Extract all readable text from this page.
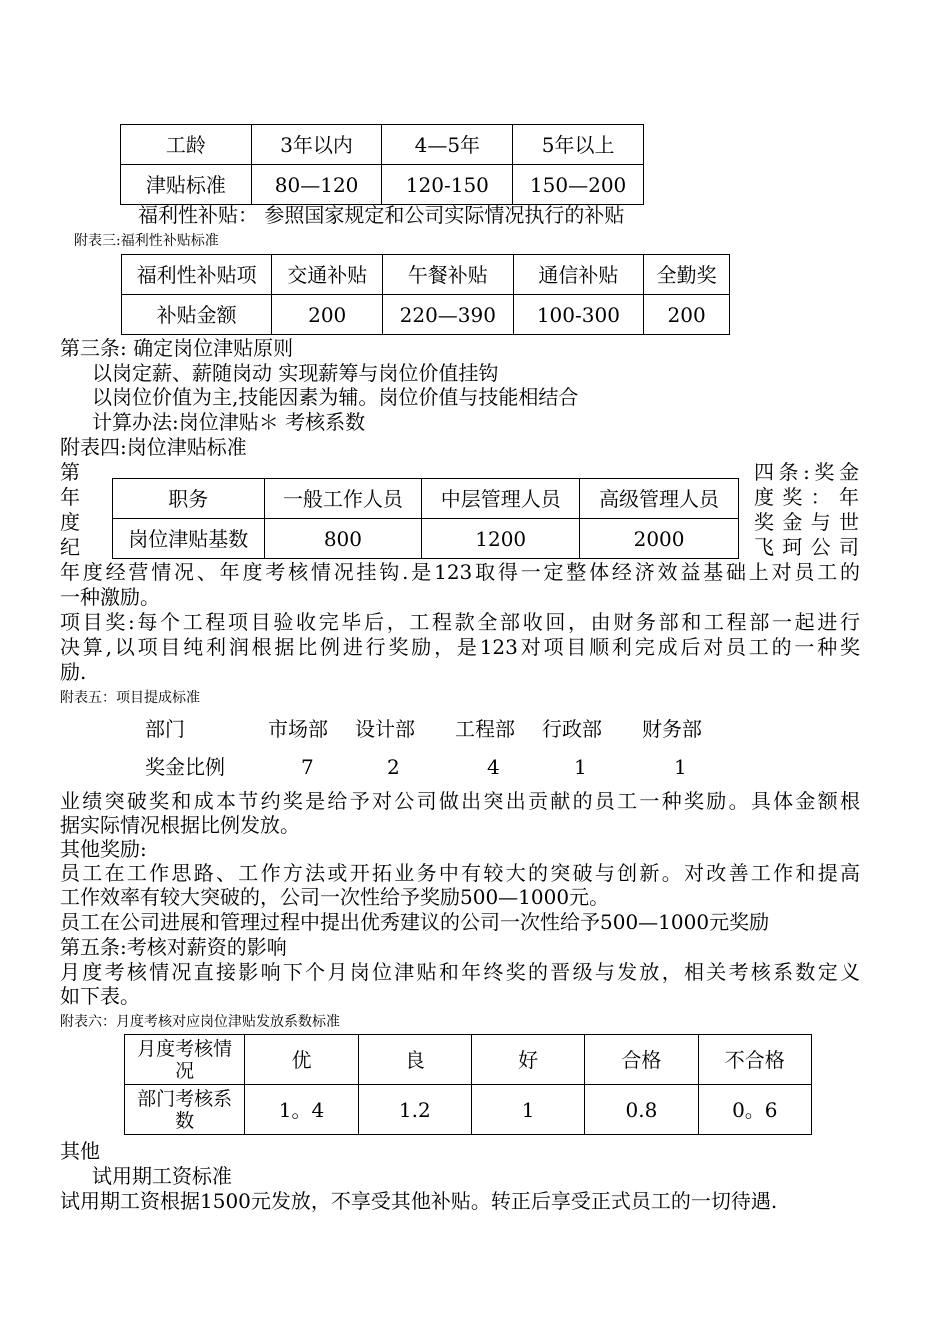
工龄	3年以内	4—5年	5年以上
津贴标准	80—120	120-150	150—200
福利性补贴： 参照国家规定和公司实际情况执行的补贴
附表三:福利性补贴标准
福利性补贴项	交通补贴	午餐补贴	通信补贴	全勤奖
补贴金额	200	220—390	100-300	200
第三条: 确定岗位津贴原则
以岗定薪、薪随岗动 实现薪筹与岗位价值挂钩
以岗位价值为主,技能因素为辅。岗位价值与技能相结合
计算办法:岗位津贴＊ 考核系数
附表四:岗位津贴标准
第
年
度
纪
职务	一般工作人员	中层管理人员	高级管理人员
岗位津贴基数	800	1200	2000
四条:奖金
度 奖 ： 年
奖 金 与 世
飞 珂 公 司
年度经营情况、年度考核情况挂钩.是123取得一定整体经济效益基础上对员工的
一种激励。
项目奖:每个工程项目验收完毕后，工程款全部收回，由财务部和工程部一起进行
决算,以项目纯利润根据比例进行奖励，是123对项目顺利完成后对员工的一种奖
励.
附表五：项目提成标准
部门	市场部 设计部 工程部 行政部 财务部
奖金比例	7	2	4	1	1
业绩突破奖和成本节约奖是给予对公司做出突出贡献的员工一种奖励。具体金额根
据实际情况根据比例发放。
其他奖励:
员工在工作思路、工作方法或开拓业务中有较大的突破与创新。对改善工作和提高
工作效率有较大突破的，公司一次性给予奖励500—1000元。
员工在公司进展和管理过程中提出优秀建议的公司一次性给予500—1000元奖励
第五条:考核对薪资的影响
月度考核情况直接影响下个月岗位津贴和年终奖的晋级与发放，相关考核系数定义
如下表。
附表六：月度考核对应岗位津贴发放系数标准
月度考核情况	优	良	好	合格	不合格
部门考核系数	1。4	1.2	1	0.8	0。6
其他
试用期工资标准
试用期工资根据1500元发放，不享受其他补贴。转正后享受正式员工的一切待遇.
